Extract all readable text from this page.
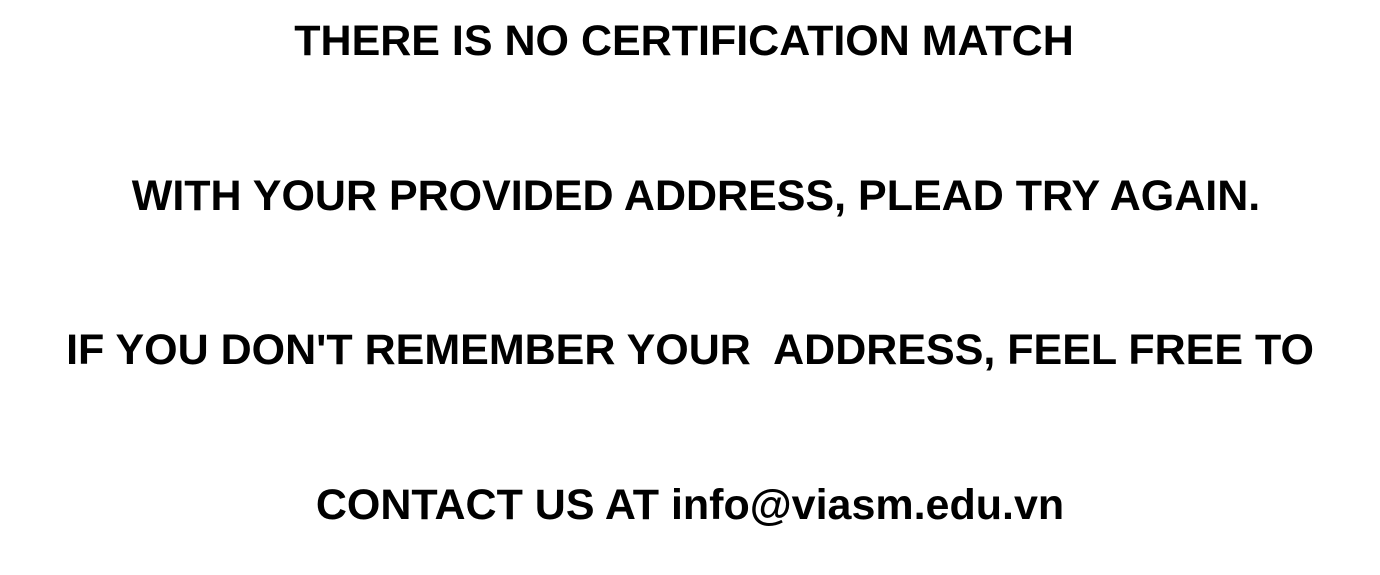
THERE IS NO CERTIFICATION MATCH

WITH YOUR PROVIDED ADDRESS, PLEAD TRY AGAIN.

IF YOU DON'T REMEMBER YOUR  ADDRESS, FEEL FREE TO

CONTACT US AT info@viasm.edu.vn
